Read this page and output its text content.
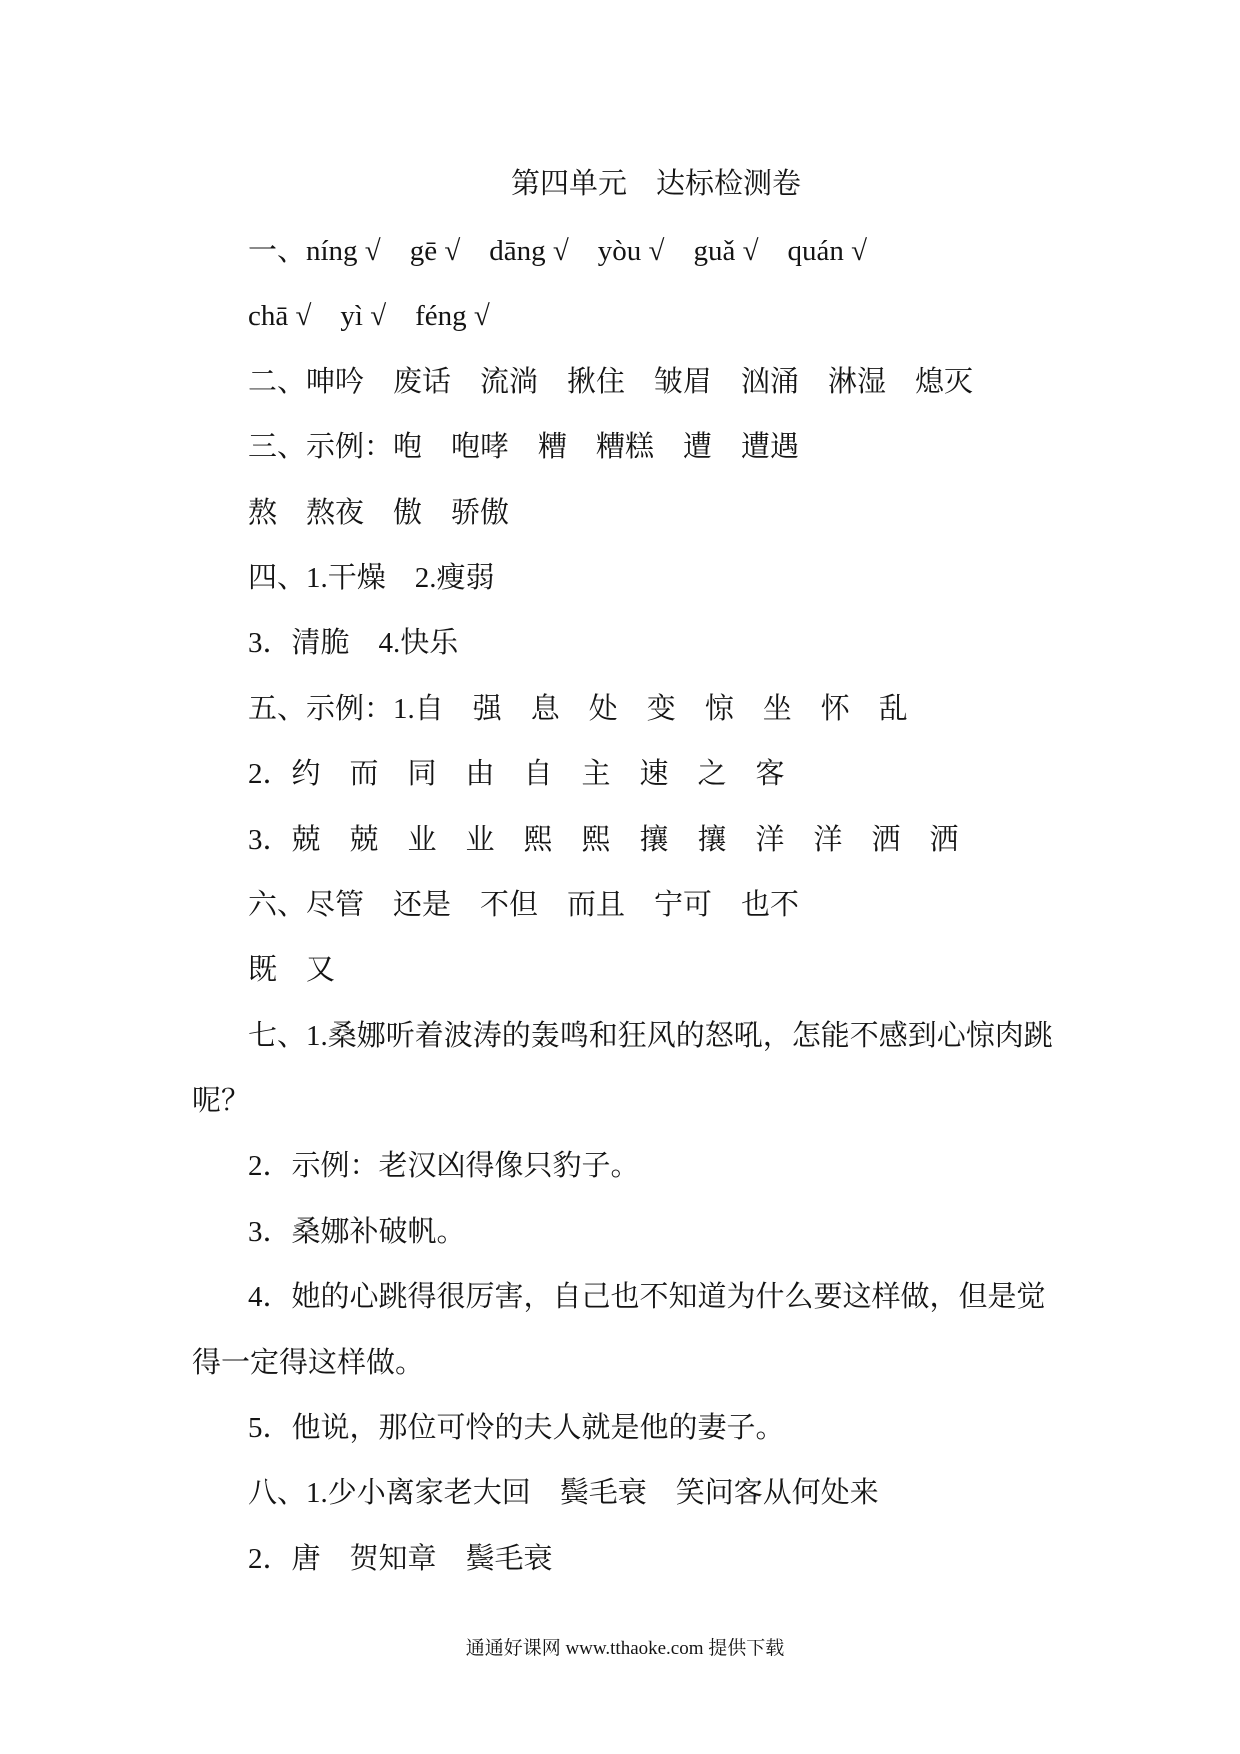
第四单元　达标检测卷
一、níng √　gē √　dāng √　yòu √　guǎ √　quán √
chā √　yì √　féng √
二、呻吟　废话　流淌　揪住　皱眉　汹涌　淋湿　熄灭
三、示例：咆　咆哮　糟　糟糕　遭　遭遇
熬　熬夜　傲　骄傲
四、1.干燥　2.瘦弱
3．清脆　4.快乐
五、示例：1.自　强　息　处　变　惊　坐　怀　乱
2．约　而　同　由　自　主　速　之　客
3．兢　兢　业　业　熙　熙　攘　攘　洋　洋　洒　洒
六、尽管　还是　不但　而且　宁可　也不
既　又
七、1.桑娜听着波涛的轰鸣和狂风的怒吼，怎能不感到心惊肉跳
呢？
2．示例：老汉凶得像只豹子。
3．桑娜补破帆。
4．她的心跳得很厉害，自己也不知道为什么要这样做，但是觉
得一定得这样做。
5．他说，那位可怜的夫人就是他的妻子。
八、1.少小离家老大回　鬓毛衰　笑问客从何处来
2．唐　贺知章　鬓毛衰
通通好课网 www.tthaoke.com 提供下载
